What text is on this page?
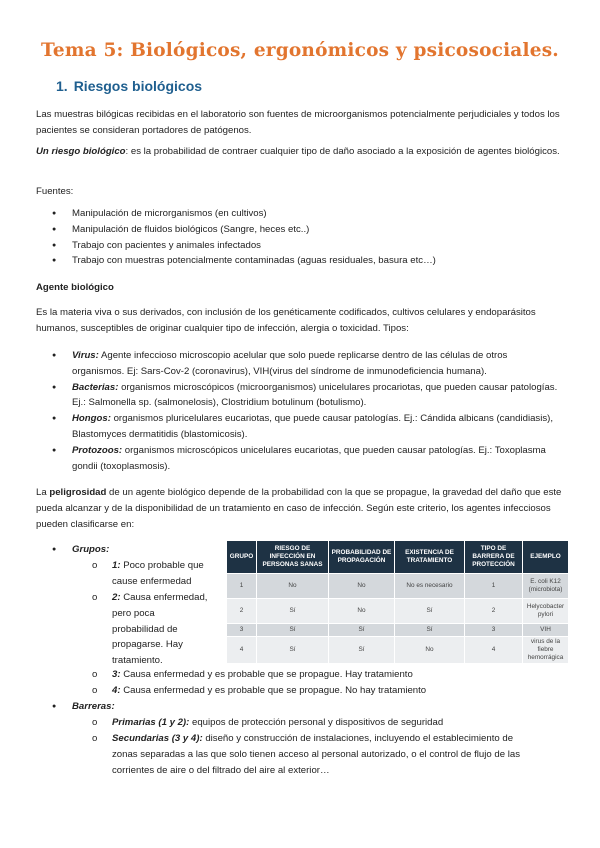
Tema 5: Biológicos, ergonómicos y psicosociales.
1. Riesgos biológicos
Las muestras bilógicas recibidas en el laboratorio son fuentes de microorganismos potencialmente perjudiciales y todos los pacientes se consideran portadores de patógenos.
Un riesgo biológico: es la probabilidad de contraer cualquier tipo de daño asociado a la exposición de agentes biológicos.
Fuentes:
● Manipulación de microrganismos (en cultivos)
● Manipulación de fluidos biológicos (Sangre, heces etc..)
● Trabajo con pacientes y animales infectados
● Trabajo con muestras potencialmente contaminadas (aguas residuales, basura etc…)
Agente biológico
Es la materia viva o sus derivados, con inclusión de los genéticamente codificados, cultivos celulares y endoparásitos humanos, susceptibles de originar cualquier tipo de infección, alergia o toxicidad. Tipos:
● Virus: Agente infeccioso microscopio acelular que solo puede replicarse dentro de las células de otros organismos. Ej: Sars-Cov-2 (coronavirus), VIH(virus del síndrome de inmunodeficiencia humana).
● Bacterias: organismos microscópicos (microorganismos) unicelulares procariotas, que pueden causar patologías. Ej.: Salmonella sp. (salmonelosis), Clostridium botulinum (botulismo).
● Hongos: organismos pluricelulares eucariotas, que puede causar patologías. Ej.: Cándida albicans (candidiasis), Blastomyces dermatitidis (blastomicosis).
● Protozoos: organismos microscópicos unicelulares eucariotas, que pueden causar patologías. Ej.: Toxoplasma gondii (toxoplasmosis).
La peligrosidad de un agente biológico depende de la probabilidad con la que se propague, la gravedad del daño que este pueda alcanzar y de la disponibilidad de un tratamiento en caso de infección. Según este criterio, los agentes infecciosos pueden clasificarse en:
● Grupos:
o 1: Poco probable que
cause enfermedad
o 2: Causa enfermedad,
pero poca
probabilidad de
propagarse. Hay
tratamiento.
o 3: Causa enfermedad y es probable que se propague. Hay tratamiento
o 4: Causa enfermedad y es probable que se propague. No hay tratamiento
GRUPO	RIESGO DE INFECCIÓN EN PERSONAS SANAS	PROBABILIDAD DE PROPAGACIÓN	EXISTENCIA DE TRATAMIENTO	TIPO DE BARRERA DE PROTECCIÓN	EJEMPLO
1	No	No	No es necesario	1	E. coli K12 (microbiota)
2	Sí	No	Sí	2	Helycobacter pylori
3	Sí	Sí	Sí	3	VIH
4	Sí	Sí	No	4	virus de la fiebre hemorrágica
● Barreras:
o Primarias (1 y 2): equipos de protección personal y dispositivos de seguridad
o Secundarias (3 y 4): diseño y construcción de instalaciones, incluyendo el establecimiento de
zonas separadas a las que solo tienen acceso al personal autorizado, o el control de flujo de las
corrientes de aire o del filtrado del aire al exterior…
